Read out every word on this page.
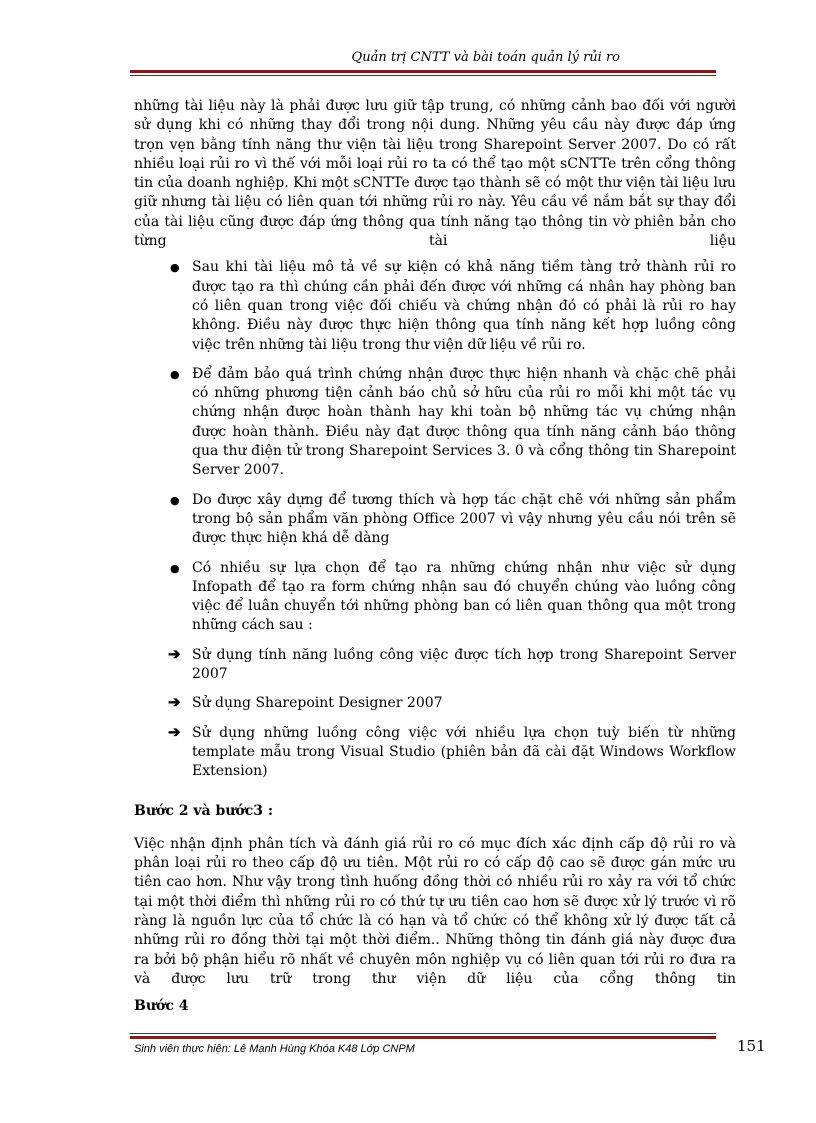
Quản trị CNTT và bài toán quản lý rủi ro

những tài liệu này là phải được lưu giữ tập trung, có những cảnh bao đối với người sử dụng khi có những thay đổi trong nội dung. Những yêu cầu này được đáp ứng trọn vẹn bằng tính năng thư viện tài liệu trong Sharepoint Server 2007. Do có rất nhiều loại rủi ro vì thế với mỗi loại rủi ro ta có thể tạo một sCNTTe trên cổng thông tin của doanh nghiệp. Khi một sCNTTe được tạo thành sẽ có một thư viện tài liệu lưu giữ nhưng tài liệu có liên quan tới những rủi ro này. Yêu cầu về nắm bắt sự thay đổi của tài liệu cũng được đáp ứng thông qua tính năng tạo thông tin vờ phiên bản cho từng tài liệu

● Sau khi tài liệu mô tả về sự kiện có khả năng tiềm tàng trở thành rủi ro được tạo ra thì chúng cần phải đến được với những cá nhân hay phòng ban có liên quan trong việc đối chiếu và chứng nhận đó có phải là rủi ro hay không. Điều này được thực hiện thông qua tính năng kết hợp luồng công việc trên những tài liệu trong thư viện dữ liệu về rủi ro.
● Để đảm bảo quá trình chứng nhận được thực hiện nhanh và chặc chẽ phải có những phương tiện cảnh báo chủ sở hữu của rủi ro mỗi khi một tác vụ chứng nhận được hoàn thành hay khi toàn bộ những tác vụ chứng nhận được hoàn thành. Điều này đạt được thông qua tính năng cảnh báo thông qua thư điện tử trong Sharepoint Services 3. 0 và cổng thông tin Sharepoint Server 2007.
● Do được xây dựng để tương thích và hợp tác chặt chẽ với những sản phẩm trong bộ sản phẩm văn phòng Office 2007 vì vậy nhưng yêu cầu nói trên sẽ được thực hiện khá dễ dàng
● Có nhiều sự lựa chọn để tạo ra những chứng nhận như việc sử dụng Infopath để tạo ra form chứng nhận sau đó chuyển chúng vào luồng công việc để luân chuyển tới những phòng ban có liên quan thông qua một trong những cách sau :
➔ Sử dụng tính năng luồng công việc được tích hợp trong Sharepoint Server 2007
➔ Sử dụng Sharepoint Designer 2007
➔ Sử dụng những luồng công việc với nhiều lựa chọn tuỳ biến từ những template mẫu trong Visual Studio (phiên bản đã cài đặt Windows Workflow Extension)
Bước 2 và bước3 :

Việc nhận định phân tích và đánh giá rủi ro có mục đích xác định cấp độ rủi ro và phân loại rủi ro theo cấp độ ưu tiên. Một rủi ro có cấp độ cao sẽ được gán mức ưu tiên cao hơn. Như vậy trong tình huống đồng thời có nhiều rủi ro xảy ra với tổ chức tại một thời điểm thì những rủi ro có thứ tự ưu tiên cao hơn sẽ được xử lý trước vì rõ ràng là nguồn lực của tổ chức là có hạn và tổ chức có thể không xử lý được tất cả những rủi ro đồng thời tại một thời điểm.. Những thông tin đánh giá này được đưa ra bởi bộ phận hiểu rõ nhất về chuyên môn nghiệp vụ có liên quan tới rủi ro đưa ra và được lưu trữ trong thư viện dữ liệu của cổng thông tin

Bước 4
Sinh viên thực hiện: Lê Mạnh Hùng Khóa K48 Lớp CNPM	151
